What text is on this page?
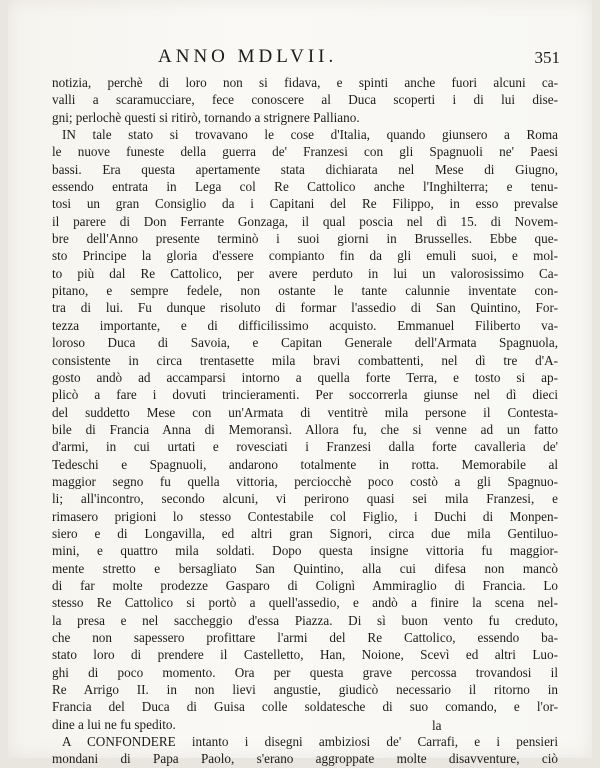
ANNO MDLVII.	351
notizia, perchè di loro non si fidava, e spinti anche fuori alcuni ca-
valli a scaramucciare, fece conoscere al Duca scoperti i di lui dise-
gni; perlochè questi si ritirò, tornando a strignere Palliano.
IN tale stato si trovavano le cose d'Italia, quando giunsero a Roma
le nuove funeste della guerra de' Franzesi con gli Spagnuoli ne' Paesi
bassi. Era questa apertamente stata dichiarata nel Mese di Giugno,
essendo entrata in Lega col Re Cattolico anche l'Inghilterra; e tenu-
tosi un gran Consiglio da i Capitani del Re Filippo, in esso prevalse
il parere di Don Ferrante Gonzaga, il qual poscia nel dì 15. di Novem-
bre dell'Anno presente terminò i suoi giorni in Brusselles. Ebbe que-
sto Principe la gloria d'essere compianto fin da gli emuli suoi, e mol-
to più dal Re Cattolico, per avere perduto in lui un valorosissimo Ca-
pitano, e sempre fedele, non ostante le tante calunnie inventate con-
tra di lui. Fu dunque risoluto di formar l'assedio di San Quintino, For-
tezza importante, e di difficilissimo acquisto. Emmanuel Filiberto va-
loroso Duca di Savoia, e Capitan Generale dell'Armata Spagnuola,
consistente in circa trentasette mila bravi combattenti, nel dì tre d'A-
gosto andò ad accamparsi intorno a quella forte Terra, e tosto si ap-
plicò a fare i dovuti trincieramenti. Per soccorrerla giunse nel dì dieci
del suddetto Mese con un'Armata di ventitrè mila persone il Contesta-
bile di Francia Anna di Memoransì. Allora fu, che si venne ad un fatto
d'armi, in cui urtati e rovesciati i Franzesi dalla forte cavalleria de'
Tedeschi e Spagnuoli, andarono totalmente in rotta. Memorabile al
maggior segno fu quella vittoria, perciocchè poco costò a gli Spagnuo-
li; all'incontro, secondo alcuni, vi perirono quasi sei mila Franzesi, e
rimasero prigioni lo stesso Contestabile col Figlio, i Duchi di Monpen-
siero e di Longavilla, ed altri gran Signori, circa due mila Gentiluo-
mini, e quattro mila soldati. Dopo questa insigne vittoria fu maggior-
mente stretto e bersagliato San Quintino, alla cui difesa non mancò
di far molte prodezze Gasparo di Colignì Ammiraglio di Francia. Lo
stesso Re Cattolico si portò a quell'assedio, e andò a finire la scena nel-
la presa e nel saccheggio d'essa Piazza. Di sì buon vento fu creduto,
che non sapessero profittare l'armi del Re Cattolico, essendo ba-
stato loro di prendere il Castelletto, Han, Noione, Scevì ed altri Luo-
ghi di poco momento. Ora per questa grave percossa trovandosi il
Re Arrigo II. in non lievi angustie, giudicò necessario il ritorno in
Francia del Duca di Guisa colle soldatesche di suo comando, e l'or-
dine a lui ne fu spedito.
A CONFONDERE intanto i disegni ambiziosi de' Carrafi, e i pensieri
mondani di Papa Paolo, s'erano aggroppate molte disavventure, ciò
la
